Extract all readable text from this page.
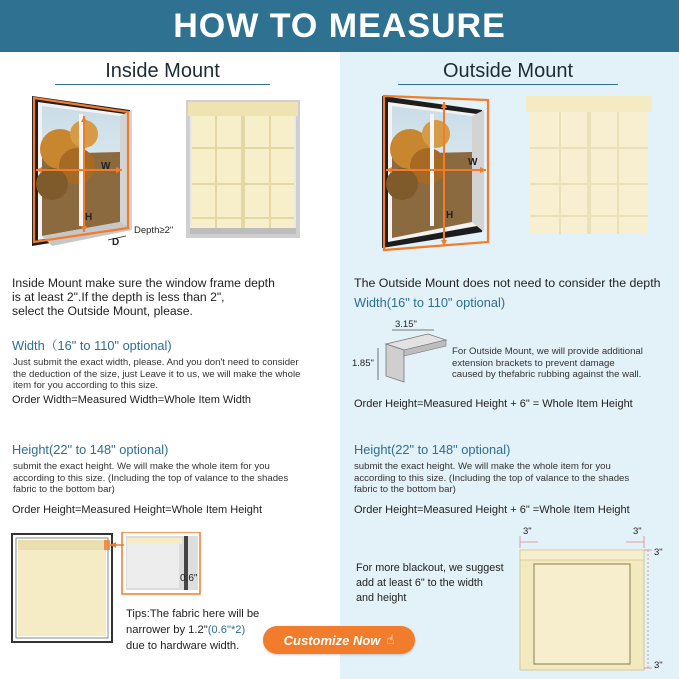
HOW TO MEASURE
Inside Mount
W
H
D
Depth≥2"
Inside Mount make sure the window frame depth
is at least 2".If the depth is less than 2",
select the Outside Mount, please.
Width（16" to 110" optional)
Just submit the exact width, please. And you don't need to consider
the deduction of the size, just Leave it to us, we will make the whole
item for you according to this size.
Order Width=Measured Width=Whole Item Width
Height(22" to 148" optional)
submit the exact height. We will make the whole item for you
according to this size. (Including the top of valance to the shades
fabric to the bottom bar)
Order Height=Measured Height=Whole Item Height
0.6"
Tips:The fabric here will be
narrower by 1.2"(0.6"*2)
due to hardware width.
Outside Mount
W
H
The Outside Mount does not need to consider the depth
Width(16" to 110" optional)
3.15"
1.85"
For Outside Mount, we will provide additional
extension brackets to prevent damage
caused by thefabric rubbing against the wall.
Order Height=Measured Height + 6" = Whole Item Height
Height(22" to 148" optional)
submit the exact height. We will make the whole item for you
according to this size. (Including the top of valance to the shades
fabric to the bottom bar)
Order Height=Measured Height + 6" =Whole Item Height
For more blackout, we suggest
add at least 6" to the width
and height
3"	3"
3"
3"
Customize Now ☝
